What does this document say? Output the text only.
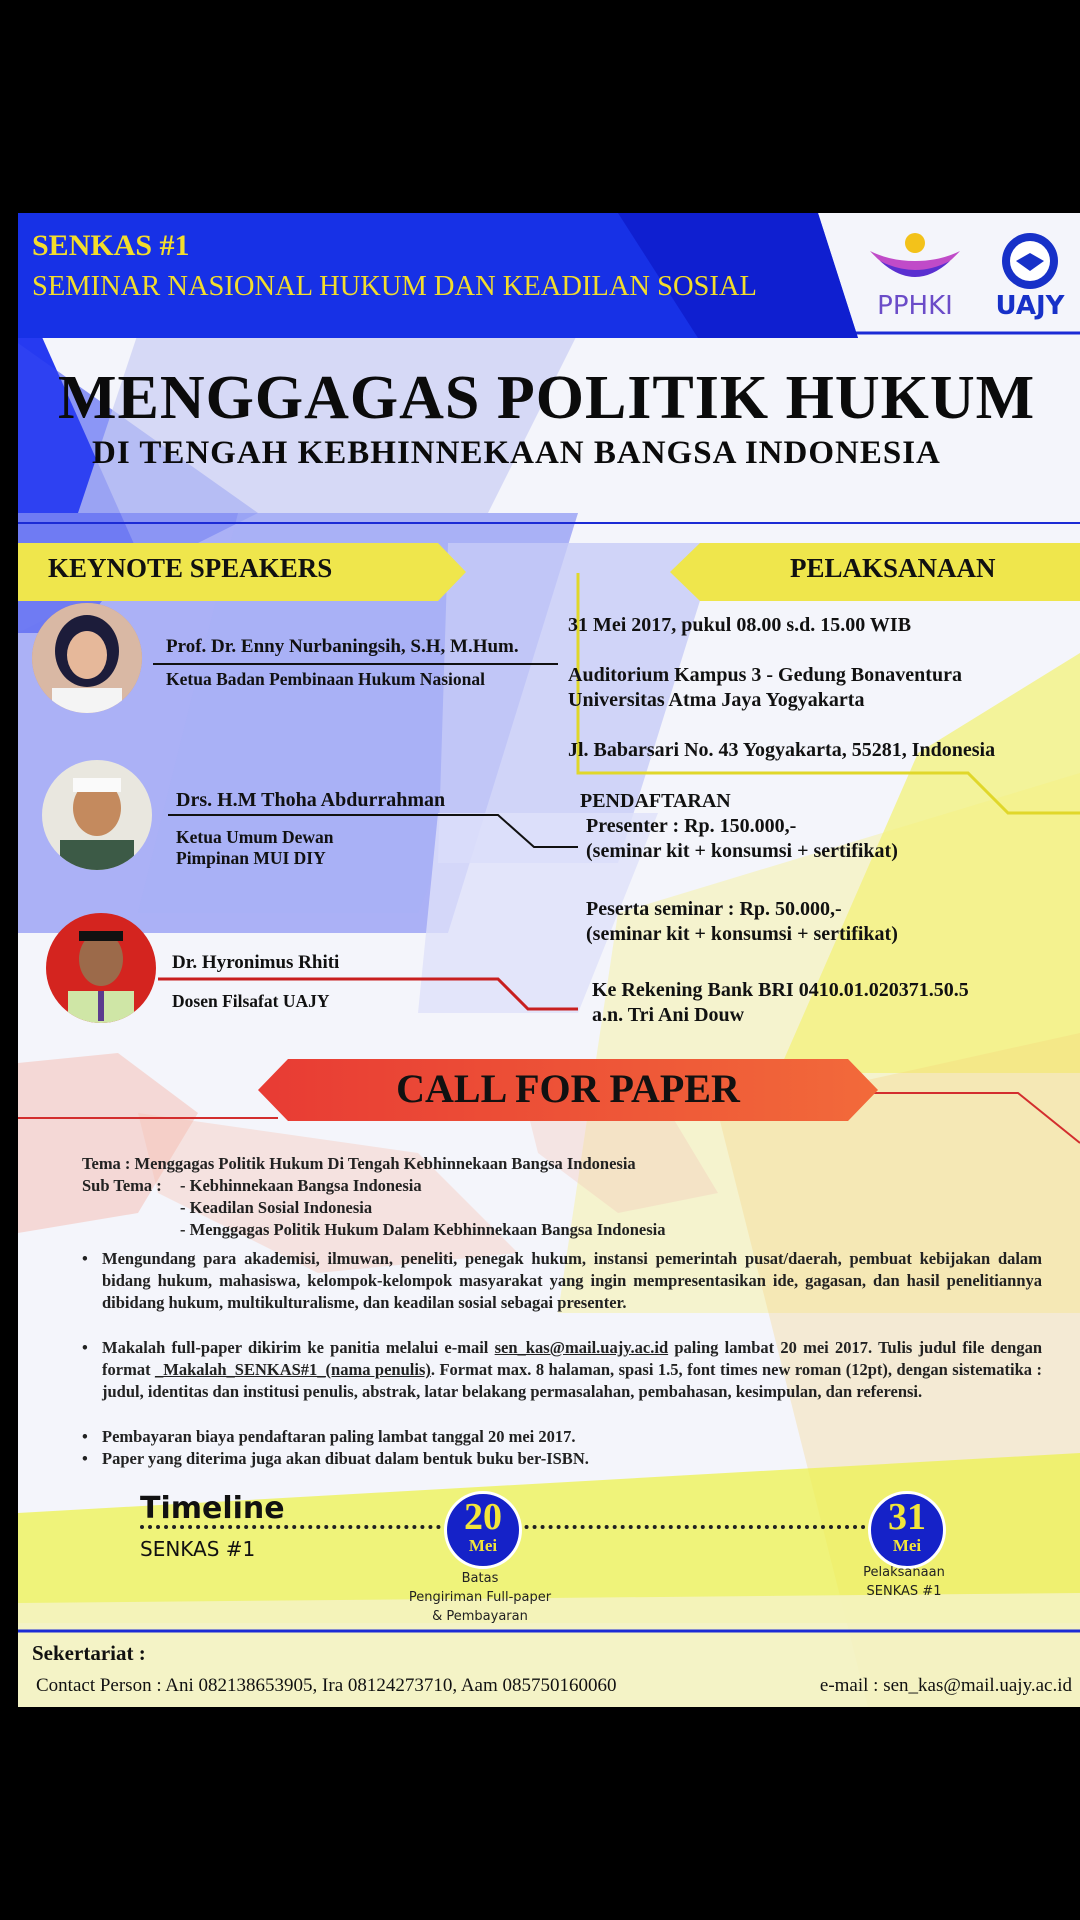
SENKAS #1
SEMINAR NASIONAL HUKUM DAN KEADILAN SOSIAL
PPHKI	UAJY
MENGGAGAS POLITIK HUKUM
DI TENGAH KEBHINNEKAAN BANGSA INDONESIA
KEYNOTE SPEAKERS	PELAKSANAAN
Prof. Dr. Enny Nurbaningsih, S.H, M.Hum.
Ketua Badan Pembinaan Hukum Nasional
Drs. H.M Thoha Abdurrahman
Ketua Umum Dewan
Pimpinan MUI DIY
Dr. Hyronimus Rhiti
Dosen Filsafat UAJY
31 Mei 2017, pukul 08.00 s.d. 15.00 WIB
Auditorium Kampus 3 - Gedung Bonaventura
Universitas Atma Jaya Yogyakarta
Jl. Babarsari No. 43 Yogyakarta, 55281, Indonesia
PENDAFTARAN
Presenter : Rp. 150.000,-
(seminar kit + konsumsi + sertifikat)
Peserta seminar : Rp. 50.000,-
(seminar kit + konsumsi + sertifikat)
Ke Rekening Bank BRI 0410.01.020371.50.5
a.n. Tri Ani Douw
CALL FOR PAPER
Tema : Menggagas Politik Hukum Di Tengah Kebhinnekaan Bangsa Indonesia
Sub Tema : - Kebhinnekaan Bangsa Indonesia
- Keadilan Sosial Indonesia
- Menggagas Politik Hukum Dalam Kebhinnekaan Bangsa Indonesia
• Mengundang para akademisi, ilmuwan, peneliti, penegak hukum, instansi pemerintah pusat/daerah, pembuat kebijakan dalam bidang hukum, mahasiswa, kelompok-kelompok masyarakat yang ingin mempresentasikan ide, gagasan, dan hasil penelitiannya dibidang hukum, multikulturalisme, dan keadilan sosial sebagai presenter.
• Makalah full-paper dikirim ke panitia melalui e-mail sen_kas@mail.uajy.ac.id paling lambat 20 mei 2017. Tulis judul file dengan format _Makalah_SENKAS#1_(nama penulis). Format max. 8 halaman, spasi 1.5, font times new roman (12pt), dengan sistematika : judul, identitas dan institusi penulis, abstrak, latar belakang permasalahan, pembahasan, kesimpulan, dan referensi.
• Pembayaran biaya pendaftaran paling lambat tanggal 20 mei 2017.
• Paper yang diterima juga akan dibuat dalam bentuk buku ber-ISBN.
Timeline
SENKAS #1
20
Mei
Batas
Pengiriman Full-paper
& Pembayaran
31
Mei
Pelaksanaan
SENKAS #1
Sekertariat :
Contact Person : Ani 082138653905, Ira 08124273710, Aam 085750160060	e-mail : sen_kas@mail.uajy.ac.id
